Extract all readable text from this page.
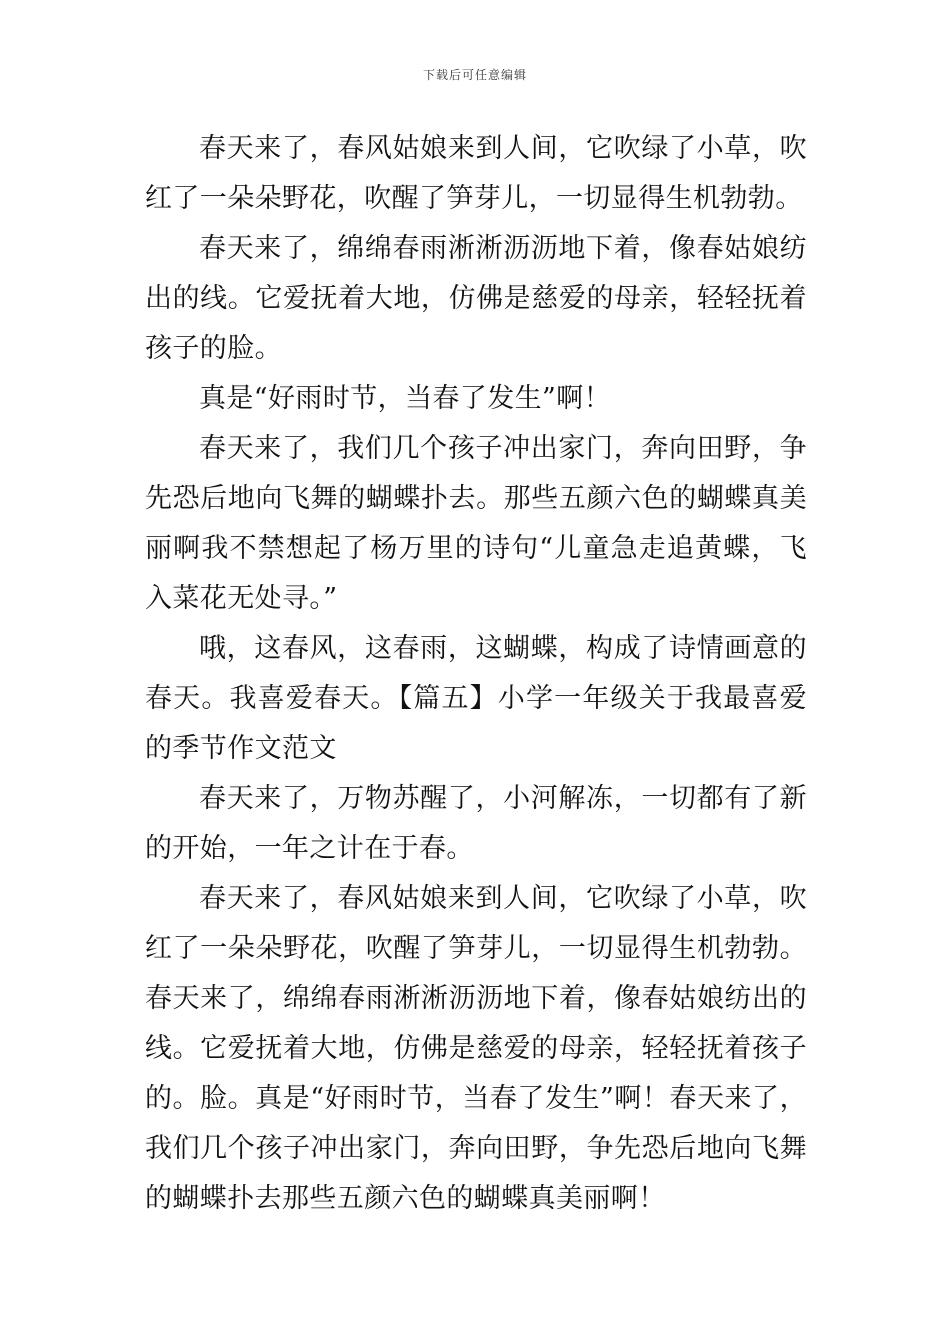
下载后可任意编辑

春天来了，春风姑娘来到人间，它吹绿了小草，吹红了一朵朵野花，吹醒了笋芽儿，一切显得生机勃勃。

春天来了，绵绵春雨淅淅沥沥地下着，像春姑娘纺出的线。它爱抚着大地，仿佛是慈爱的母亲，轻轻抚着孩子的脸。

真是“好雨时节，当春了发生”啊！

春天来了，我们几个孩子冲出家门，奔向田野，争先恐后地向飞舞的蝴蝶扑去。那些五颜六色的蝴蝶真美丽啊我不禁想起了杨万里的诗句“儿童急走追黄蝶，飞入菜花无处寻。”

哦，这春风，这春雨，这蝴蝶，构成了诗情画意的春天。我喜爱春天。【篇五】小学一年级关于我最喜爱的季节作文范文

春天来了，万物苏醒了，小河解冻，一切都有了新的开始，一年之计在于春。

春天来了，春风姑娘来到人间，它吹绿了小草，吹红了一朵朵野花，吹醒了笋芽儿，一切显得生机勃勃。春天来了，绵绵春雨淅淅沥沥地下着，像春姑娘纺出的线。它爱抚着大地，仿佛是慈爱的母亲，轻轻抚着孩子的。脸。真是“好雨时节，当春了发生”啊！春天来了，我们几个孩子冲出家门，奔向田野，争先恐后地向飞舞的蝴蝶扑去那些五颜六色的蝴蝶真美丽啊！
